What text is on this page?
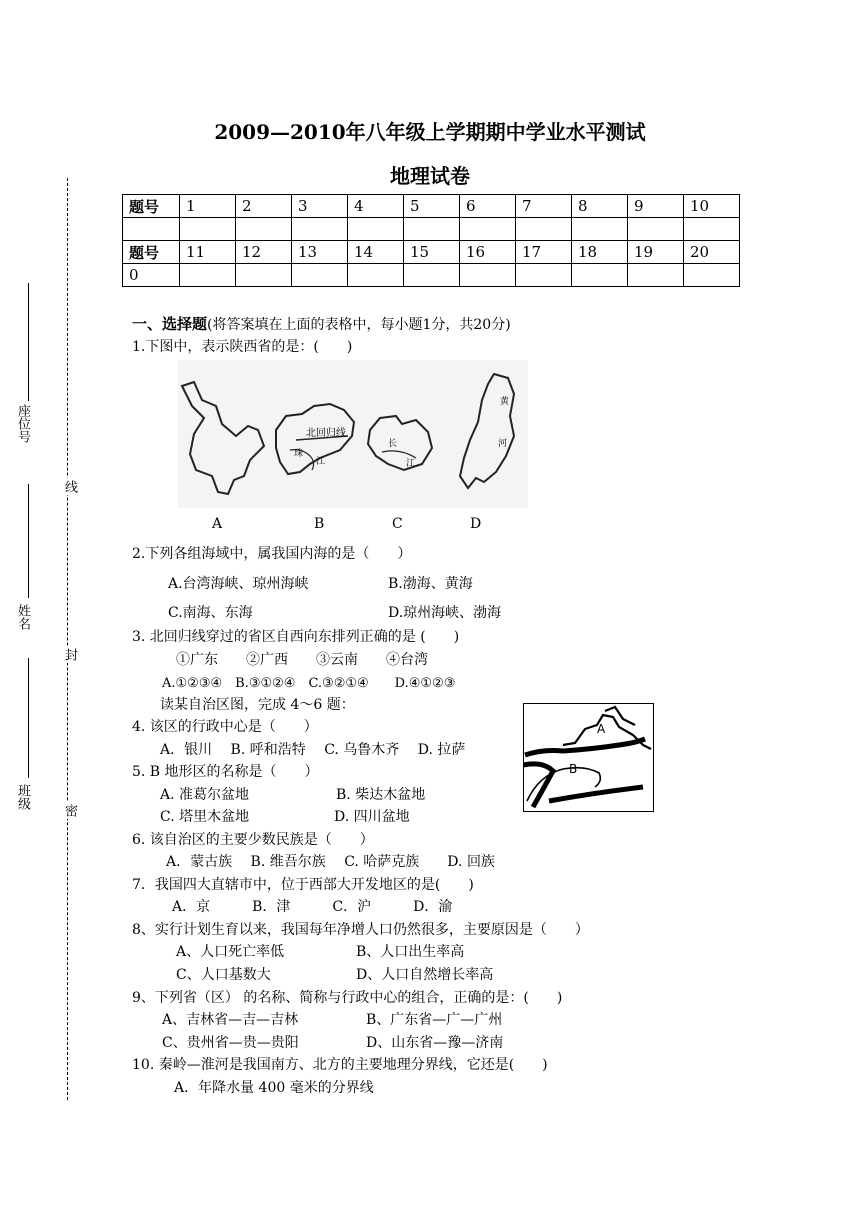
2009—2010年八年级上学期期中学业水平测试
地理试卷
线
封
密
座位号
姓名
班级
题号	1	2	3	4	5	6	7	8	9	10

题号	11	12	13	14	15	16	17	18	19	20
0										
一、选择题(将答案填在上面的表格中，每小题1分，共20分)
1.下图中，表示陕西省的是：(　　)
北回归线
珠
江
长
江
黄
河
A	B	C	D
2.下列各组海域中，属我国内海的是（　　）
A.台湾海峡、琼州海峡	B.渤海、黄海
C.南海、东海	D.琼州海峡、渤海
3. 北回归线穿过的省区自西向东排列正确的是 (　　)
①广东　　②广西　　③云南　　④台湾
A.①②③④　B.③①②④　C.③②①④　　D.④①②③
读某自治区图，完成 4～6 题：
A
B
4. 该区的行政中心是（　　）
A．银川　 B. 呼和浩特　 C. 乌鲁木齐　 D. 拉萨
5. B 地形区的名称是（　　）
A. 准葛尔盆地	B. 柴达木盆地
C. 塔里木盆地	D. 四川盆地
6. 该自治区的主要少数民族是（　　）
A．蒙古族　 B. 维吾尔族　 C. 哈萨克族　　D. 回族
7．我国四大直辖市中，位于西部大开发地区的是(　　)
A．京　　　B．津　　　C．沪　　　D．渝
8、实行计划生育以来，我国每年净增人口仍然很多，主要原因是（　　）
A、人口死亡率低	B、人口出生率高
C、人口基数大	D、人口自然增长率高
9、下列省（区） 的名称、简称与行政中心的组合，正确的是：(　　)
A、吉林省—吉—吉林	B、广东省—广—广州
C、贵州省—贵—贵阳	D、山东省—豫—济南
10. 秦岭—淮河是我国南方、北方的主要地理分界线，它还是(　　)
A．年降水量 400 毫米的分界线
